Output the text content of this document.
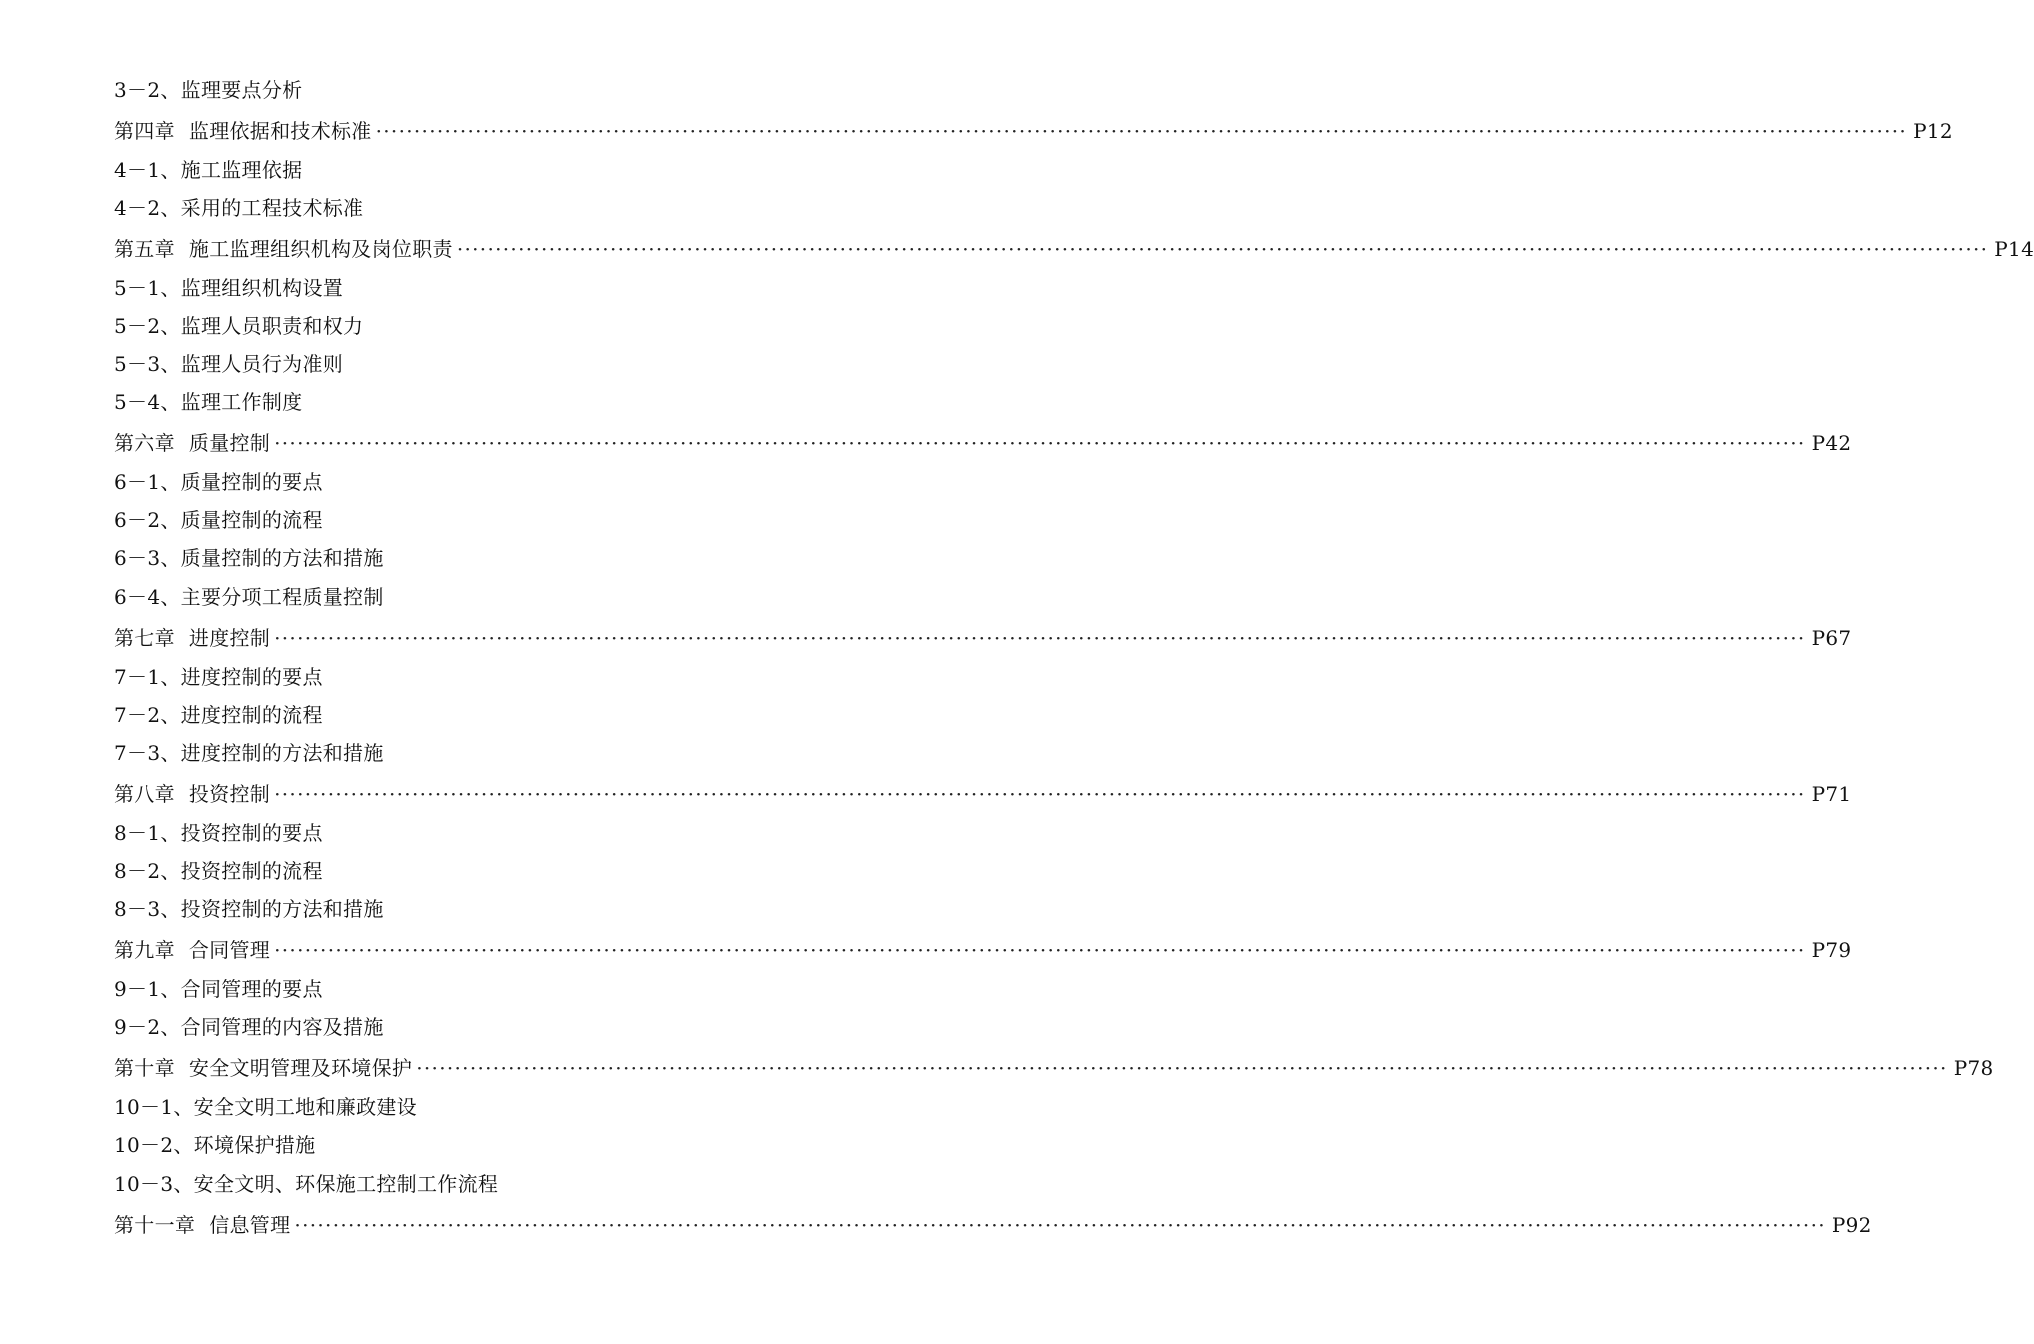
3－2、监理要点分析
第四章 监理依据和技术标准 ········································································································································································································ P12
4－1、施工监理依据
4－2、采用的工程技术标准
第五章 施工监理组织机构及岗位职责 ········································································································································································································ P14
5－1、监理组织机构设置
5－2、监理人员职责和权力
5－3、监理人员行为准则
5－4、监理工作制度
第六章 质量控制 ········································································································································································································ P42
6－1、质量控制的要点
6－2、质量控制的流程
6－3、质量控制的方法和措施
6－4、主要分项工程质量控制
第七章 进度控制 ········································································································································································································ P67
7－1、进度控制的要点
7－2、进度控制的流程
7－3、进度控制的方法和措施
第八章 投资控制 ········································································································································································································ P71
8－1、投资控制的要点
8－2、投资控制的流程
8－3、投资控制的方法和措施
第九章 合同管理 ········································································································································································································ P79
9－1、合同管理的要点
9－2、合同管理的内容及措施
第十章 安全文明管理及环境保护 ········································································································································································································ P78
10－1、安全文明工地和廉政建设
10－2、环境保护措施
10－3、安全文明、环保施工控制工作流程
第十一章 信息管理 ········································································································································································································ P92
